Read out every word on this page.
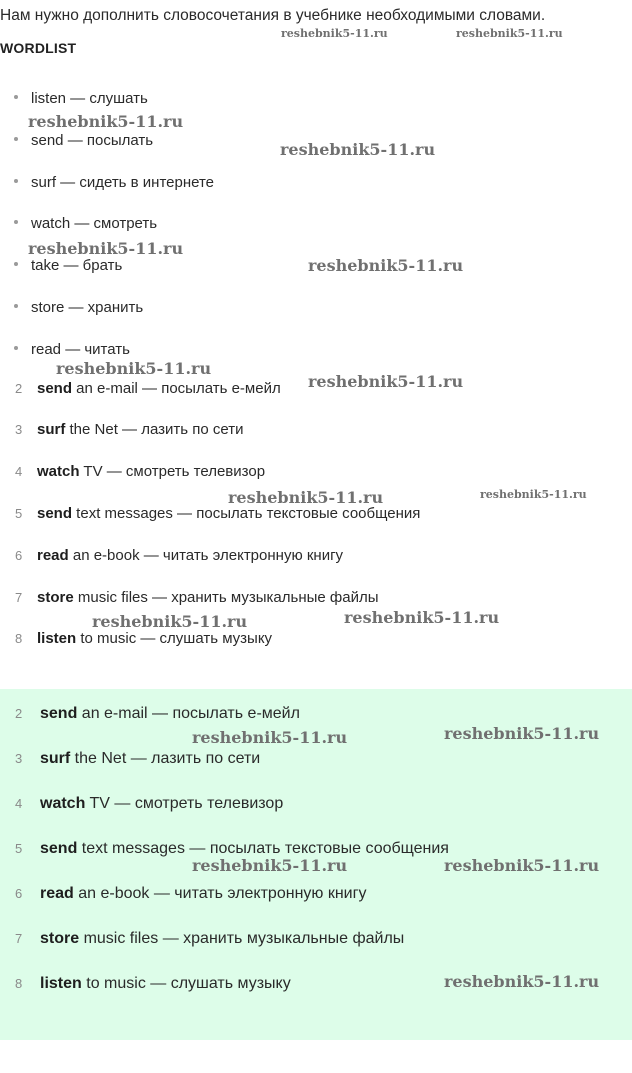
Нам нужно дополнить словосочетания в учебнике необходимыми словами.
WORDLIST
listen — слушать
send — посылать
surf — сидеть в интернете
watch — смотреть
take — брать
store — хранить
read — читать
2 send an e-mail — посылать е-мейл
3 surf the Net — лазить по сети
4 watch TV — смотреть телевизор
5 send text messages — посылать текстовые сообщения
6 read an e-book — читать электронную книгу
7 store music files — хранить музыкальные файлы
8 listen to music — слушать музыку
2 send an e-mail — посылать е-мейл
3 surf the Net — лазить по сети
4 watch TV — смотреть телевизор
5 send text messages — посылать текстовые сообщения
6 read an e-book — читать электронную книгу
7 store music files — хранить музыкальные файлы
8 listen to music — слушать музыку
reshebnik5-11.ru	reshebnik5-11.ru
reshebnik5-11.ru
reshebnik5-11.ru
reshebnik5-11.ru
reshebnik5-11.ru
reshebnik5-11.ru
reshebnik5-11.ru
reshebnik5-11.ru	reshebnik5-11.ru
reshebnik5-11.ru	reshebnik5-11.ru
reshebnik5-11.ru	reshebnik5-11.ru
reshebnik5-11.ru	reshebnik5-11.ru
reshebnik5-11.ru
